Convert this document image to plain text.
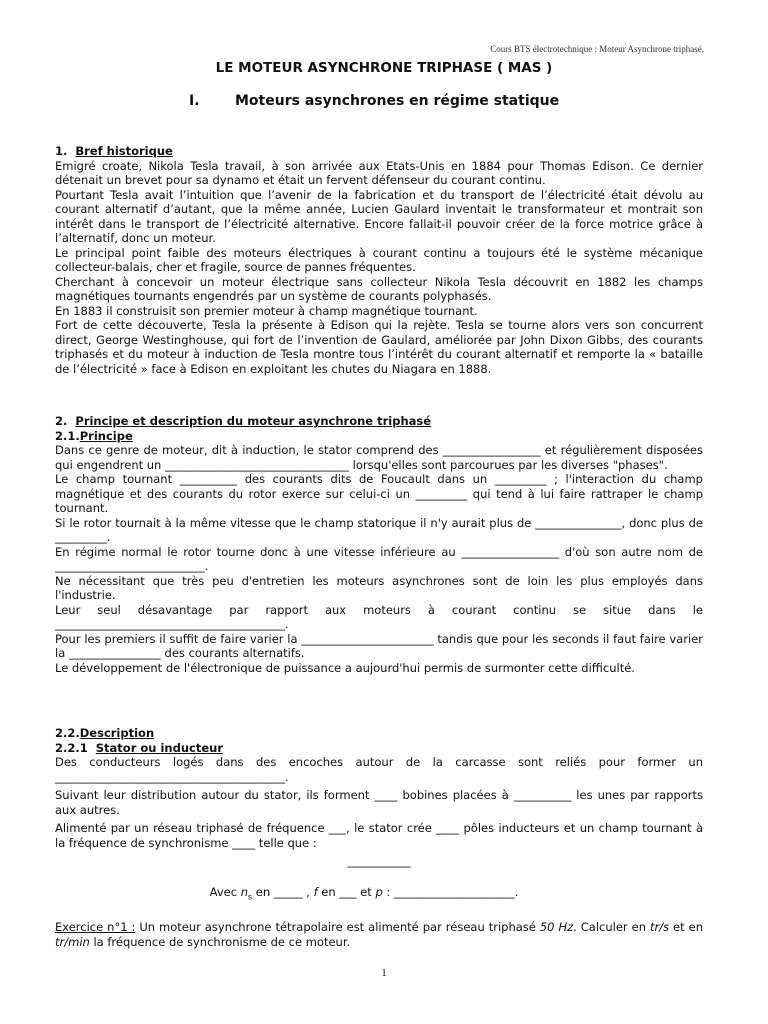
Cours BTS électrotechnique : Moteur Asynchrone triphasé.
LE MOTEUR ASYNCHRONE TRIPHASE ( MAS )
I.	Moteurs asynchrones en régime statique

1. Bref historique

Emigré croate, Nikola Tesla travail, à son arrivée aux Etats-Unis en 1884 pour Thomas Edison. Ce dernier détenait un brevet pour sa dynamo et était un fervent défenseur du courant continu.

Pourtant Tesla avait l’intuition que l’avenir de la fabrication et du transport de l’électricité était dévolu au courant alternatif d’autant, que la même année, Lucien Gaulard inventait le transformateur et montrait son intérêt dans le transport de l’électricité alternative. Encore fallait-il pouvoir créer de la force motrice grâce à l’alternatif, donc un moteur.

Le principal point faible des moteurs électriques à courant continu a toujours été le système mécanique collecteur-balais, cher et fragile, source de pannes fréquentes.

Cherchant à concevoir un moteur électrique sans collecteur Nikola Tesla découvrit en 1882 les champs magnétiques tournants engendrés par un système de courants polyphasés.

En 1883 il construisit son premier moteur à champ magnétique tournant.

Fort de cette découverte, Tesla la présente à Edison qui la rejète. Tesla se tourne alors vers son concurrent direct, George Westinghouse, qui fort de l’invention de Gaulard, améliorée par John Dixon Gibbs, des courants triphasés et du moteur à induction de Tesla montre tous l’intérêt du courant alternatif et remporte la « bataille de l’électricité » face à Edison en exploitant les chutes du Niagara en 1888.

2. Principe et description du moteur asynchrone triphasé

2.1.Principe

Dans ce genre de moteur, dit à induction, le stator comprend des _________________ et régulièrement disposées qui engendrent un ________________________________ lorsqu'elles sont parcourues par les diverses "phases".

Le champ tournant __________ des courants dits de Foucault dans un _________ ; l'interaction du champ magnétique et des courants du rotor exerce sur celui-ci un _________ qui tend à lui faire rattraper le champ tournant.

Si le rotor tournait à la même vitesse que le champ statorique il n'y aurait plus de _______________, donc plus de _________.

En régime normal le rotor tourne donc à une vitesse inférieure au _________________ d'où son autre nom de __________________________.

Ne nécessitant que très peu d'entretien les moteurs asynchrones sont de loin les plus employés dans l'industrie.

Leur seul désavantage par rapport aux moteurs à courant continu se situe dans le ________________________________________.

Pour les premiers il suffit de faire varier la _______________________ tandis que pour les seconds il faut faire varier la ________________ des courants alternatifs.

Le développement de l'électronique de puissance a aujourd'hui permis de surmonter cette difficulté.

2.2.Description

2.2.1 Stator ou inducteur

Des conducteurs logés dans des encoches autour de la carcasse sont reliés pour former un ________________________________________.

Suivant leur distribution autour du stator, ils forment ____ bobines placées à __________ les unes par rapports aux autres.

Alimenté par un réseau triphasé de fréquence ___, le stator crée ____ pôles inducteurs et un champ tournant à la fréquence de synchronisme ____ telle que :

___________

Avec $n_s$ en _____ , f en ___ et p : _____________________.

Exercice n°1 : Un moteur asynchrone tétrapolaire est alimenté par réseau triphasé 50 Hz. Calculer en tr/s et en tr/min la fréquence de synchronisme de ce moteur.

1
